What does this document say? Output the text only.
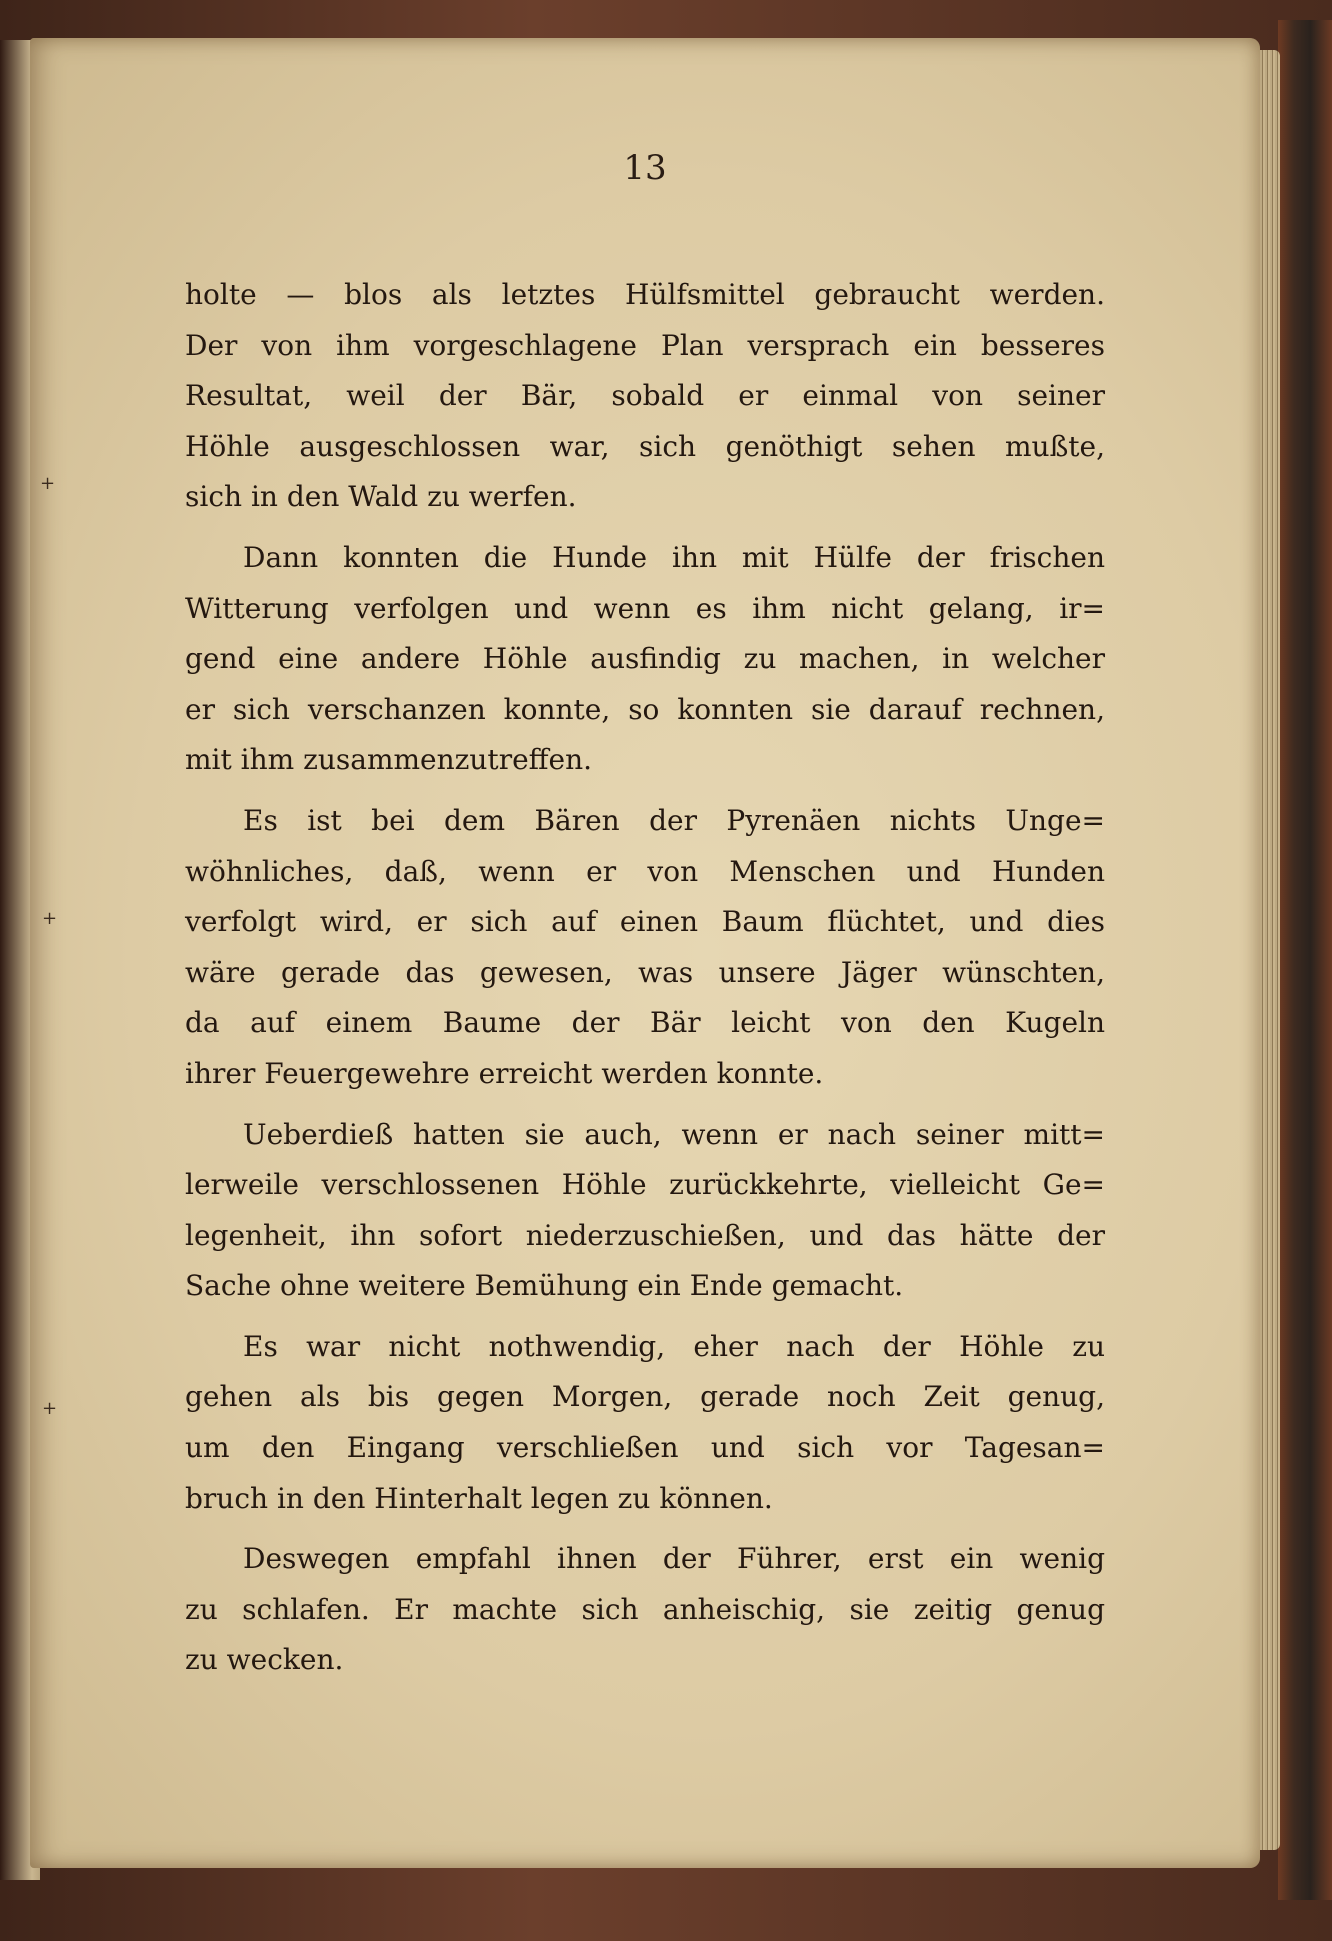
13
+
+
+
holte — blos als letztes Hülfsmittel gebraucht werden.
Der von ihm vorgeschlagene Plan versprach ein besseres
Resultat, weil der Bär, sobald er einmal von seiner
Höhle ausgeschlossen war, sich genöthigt sehen mußte,
sich in den Wald zu werfen.
Dann konnten die Hunde ihn mit Hülfe der frischen
Witterung verfolgen und wenn es ihm nicht gelang, ir=
gend eine andere Höhle ausfindig zu machen, in welcher
er sich verschanzen konnte, so konnten sie darauf rechnen,
mit ihm zusammenzutreffen.
Es ist bei dem Bären der Pyrenäen nichts Unge=
wöhnliches, daß, wenn er von Menschen und Hunden
verfolgt wird, er sich auf einen Baum flüchtet, und dies
wäre gerade das gewesen, was unsere Jäger wünschten,
da auf einem Baume der Bär leicht von den Kugeln
ihrer Feuergewehre erreicht werden konnte.
Ueberdieß hatten sie auch, wenn er nach seiner mitt=
lerweile verschlossenen Höhle zurückkehrte, vielleicht Ge=
legenheit, ihn sofort niederzuschießen, und das hätte der
Sache ohne weitere Bemühung ein Ende gemacht.
Es war nicht nothwendig, eher nach der Höhle zu
gehen als bis gegen Morgen, gerade noch Zeit genug,
um den Eingang verschließen und sich vor Tagesan=
bruch in den Hinterhalt legen zu können.
Deswegen empfahl ihnen der Führer, erst ein wenig
zu schlafen. Er machte sich anheischig, sie zeitig genug
zu wecken.
